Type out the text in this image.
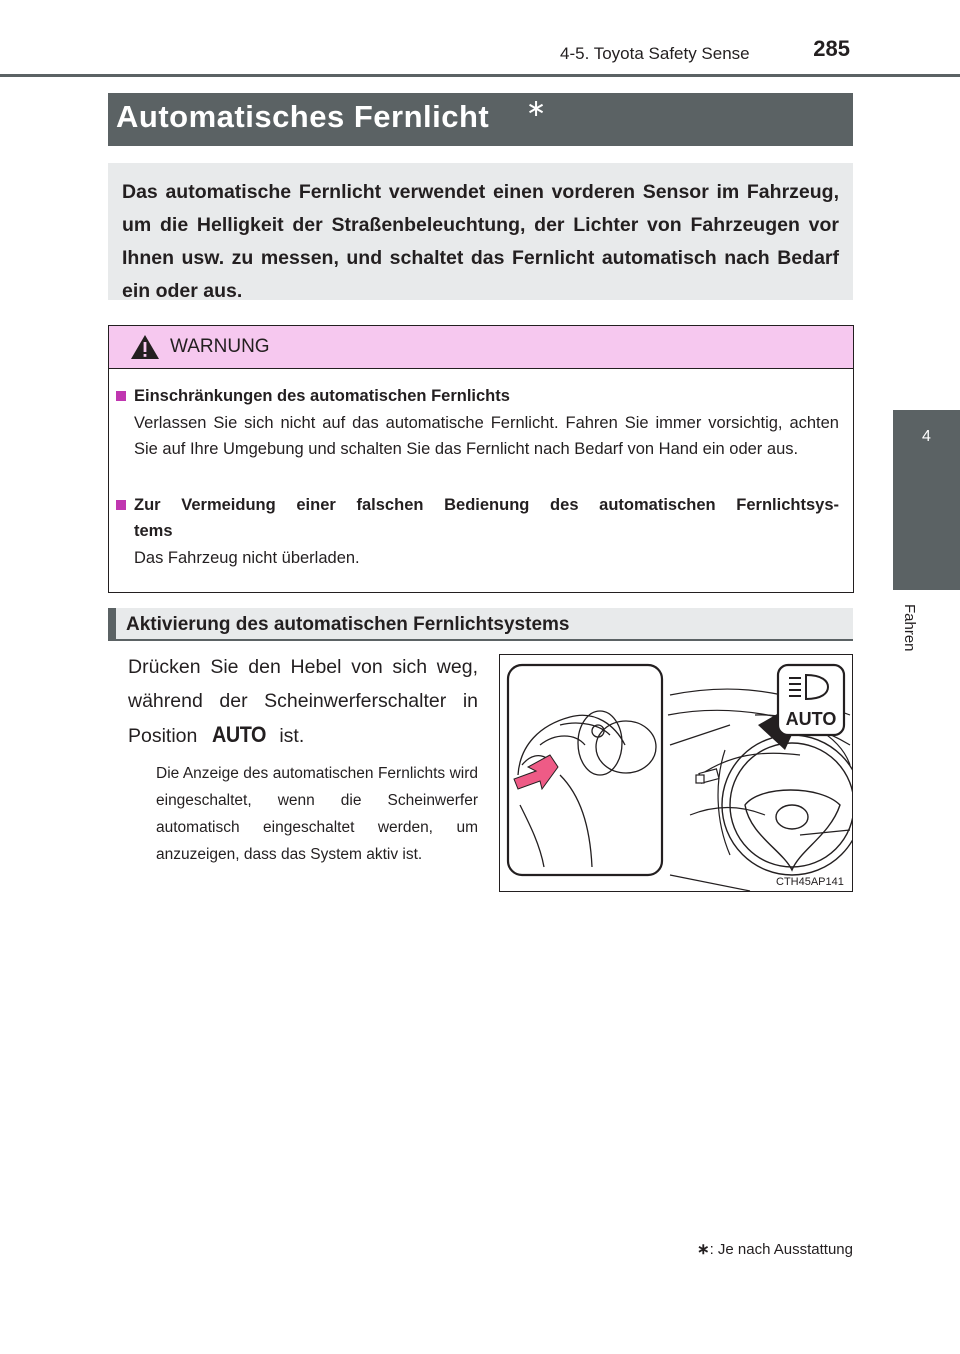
4-5. Toyota Safety Sense	285
4
Fahren
Automatisches Fernlicht ∗
Das automatische Fernlicht verwendet einen vorderen Sensor im Fahrzeug, um die Helligkeit der Straßenbeleuchtung, der Lichter von Fahrzeugen vor Ihnen usw. zu messen, und schaltet das Fernlicht automatisch nach Bedarf ein oder aus.
WARNUNG
Einschränkungen des automatischen Fernlichts
Verlassen Sie sich nicht auf das automatische Fernlicht. Fahren Sie immer vorsichtig, achten Sie auf Ihre Umgebung und schalten Sie das Fernlicht nach Bedarf von Hand ein oder aus.
Zur Vermeidung einer falschen Bedienung des automatischen Fernlichtsys-
tems
Das Fahrzeug nicht überladen.
Aktivierung des automatischen Fernlichtsystems
Drücken Sie den Hebel von sich weg, während der Scheinwerferschalter in Position AUTO ist.
Die Anzeige des automatischen Fernlichts wird eingeschaltet, wenn die Scheinwerfer automatisch eingeschaltet werden, um anzuzeigen, dass das System aktiv ist.
AUTO
CTH45AP141
∗: Je nach Ausstattung
